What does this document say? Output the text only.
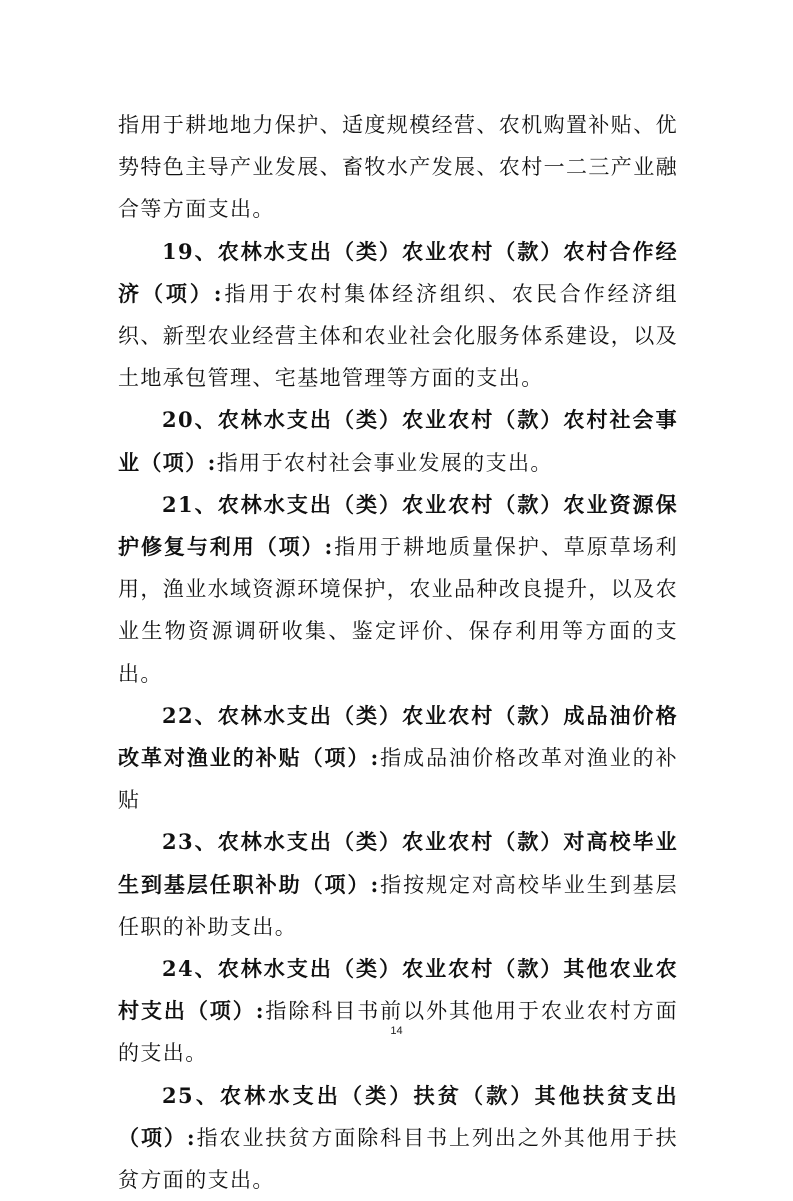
指用于耕地地力保护、适度规模经营、农机购置补贴、优势特色主导产业发展、畜牧水产发展、农村一二三产业融合等方面支出。

19、农林水支出（类）农业农村（款）农村合作经济（项）:指用于农村集体经济组织、农民合作经济组织、新型农业经营主体和农业社会化服务体系建设，以及土地承包管理、宅基地管理等方面的支出。

20、农林水支出（类）农业农村（款）农村社会事业（项）:指用于农村社会事业发展的支出。

21、农林水支出（类）农业农村（款）农业资源保护修复与利用（项）:指用于耕地质量保护、草原草场利用，渔业水域资源环境保护，农业品种改良提升，以及农业生物资源调研收集、鉴定评价、保存利用等方面的支出。

22、农林水支出（类）农业农村（款）成品油价格改革对渔业的补贴（项）:指成品油价格改革对渔业的补贴

23、农林水支出（类）农业农村（款）对高校毕业生到基层任职补助（项）:指按规定对高校毕业生到基层任职的补助支出。

24、农林水支出（类）农业农村（款）其他农业农村支出（项）:指除科目书前以外其他用于农业农村方面的支出。

25、农林水支出（类）扶贫（款）其他扶贫支出（项）:指农业扶贫方面除科目书上列出之外其他用于扶贫方面的支出。

14
